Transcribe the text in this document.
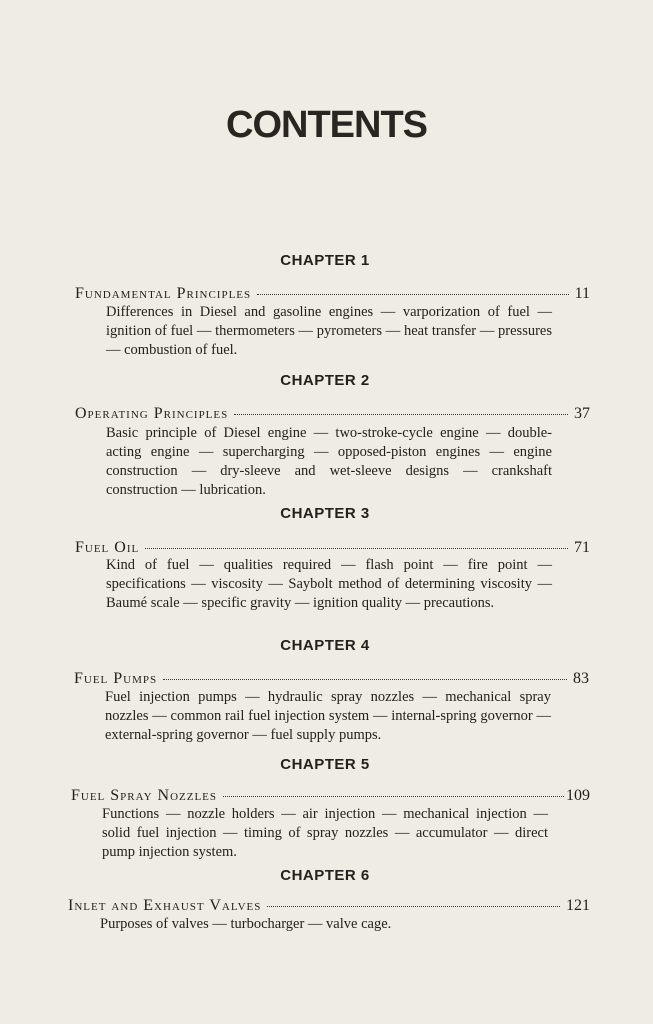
CONTENTS
CHAPTER 1
Fundamental Principles	11
Differences in Diesel and gasoline engines — varporization of fuel — ignition of fuel — thermometers — pyrometers — heat transfer — pressures — combustion of fuel.
CHAPTER 2
Operating Principles	37
Basic principle of Diesel engine — two-stroke-cycle engine — double-acting engine — supercharging — opposed-piston engines — engine construction — dry-sleeve and wet-sleeve designs — crankshaft construction — lubrication.
CHAPTER 3
Fuel Oil	71
Kind of fuel — qualities required — flash point — fire point — specifications — viscosity — Saybolt method of determining viscosity — Baumé scale — specific gravity — ignition quality — precautions.
CHAPTER 4
Fuel Pumps	83
Fuel injection pumps — hydraulic spray nozzles — mechanical spray nozzles — common rail fuel injection system — internal-spring governor — external-spring governor — fuel supply pumps.
CHAPTER 5
Fuel Spray Nozzles	109
Functions — nozzle holders — air injection — mechanical injection — solid fuel injection — timing of spray nozzles — accumulator — direct pump injection system.
CHAPTER 6
Inlet and Exhaust Valves	121
Purposes of valves — turbocharger — valve cage.
